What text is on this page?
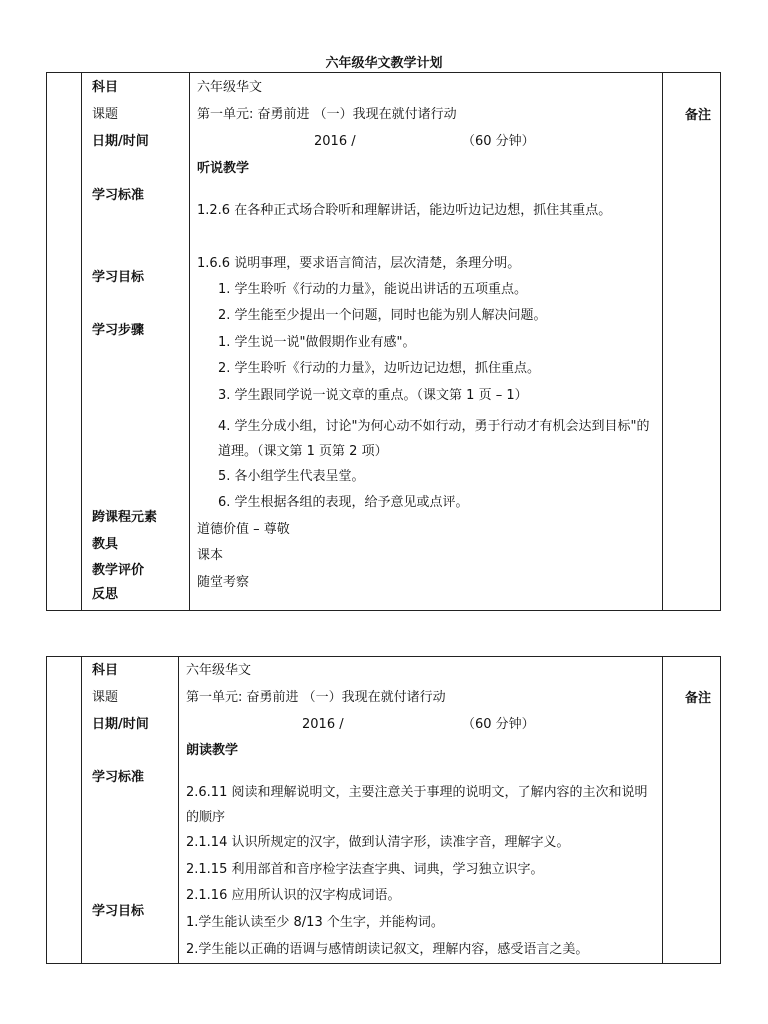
六年级华文教学计划
科目
课题
日期/时间
学习标准
学习目标
学习步骤
跨课程元素
教具
教学评价
反思
六年级华文
第一单元: 奋勇前进 （一）我现在就付诸行动
2016 /	（60 分钟）
听说教学
1.2.6 在各种正式场合聆听和理解讲话，能边听边记边想，抓住其重点。
1.6.6 说明事理，要求语言简洁，层次清楚，条理分明。
1. 学生聆听《行动的力量》，能说出讲话的五项重点。
2. 学生能至少提出一个问题，同时也能为别人解决问题。
1. 学生说一说"做假期作业有感"。
2. 学生聆听《行动的力量》，边听边记边想，抓住重点。
3. 学生跟同学说一说文章的重点。（课文第 1 页 – 1）
4. 学生分成小组，讨论"为何心动不如行动，勇于行动才有机会达到目标"的道理。（课文第 1 页第 2 项）
5. 各小组学生代表呈堂。
6. 学生根据各组的表现，给予意见或点评。
道德价值 – 尊敬
课本
随堂考察
备注
科目
课题
日期/时间
学习标准
学习目标
六年级华文
第一单元: 奋勇前进 （一）我现在就付诸行动
2016 /	（60 分钟）
朗读教学
2.6.11 阅读和理解说明文，主要注意关于事理的说明文，了解内容的主次和说明的顺序
2.1.14 认识所规定的汉字，做到认清字形，读准字音，理解字义。
2.1.15 利用部首和音序检字法查字典、词典，学习独立识字。
2.1.16 应用所认识的汉字构成词语。
1.学生能认读至少 8/13 个生字，并能构词。
2.学生能以正确的语调与感情朗读记叙文，理解内容，感受语言之美。
备注
